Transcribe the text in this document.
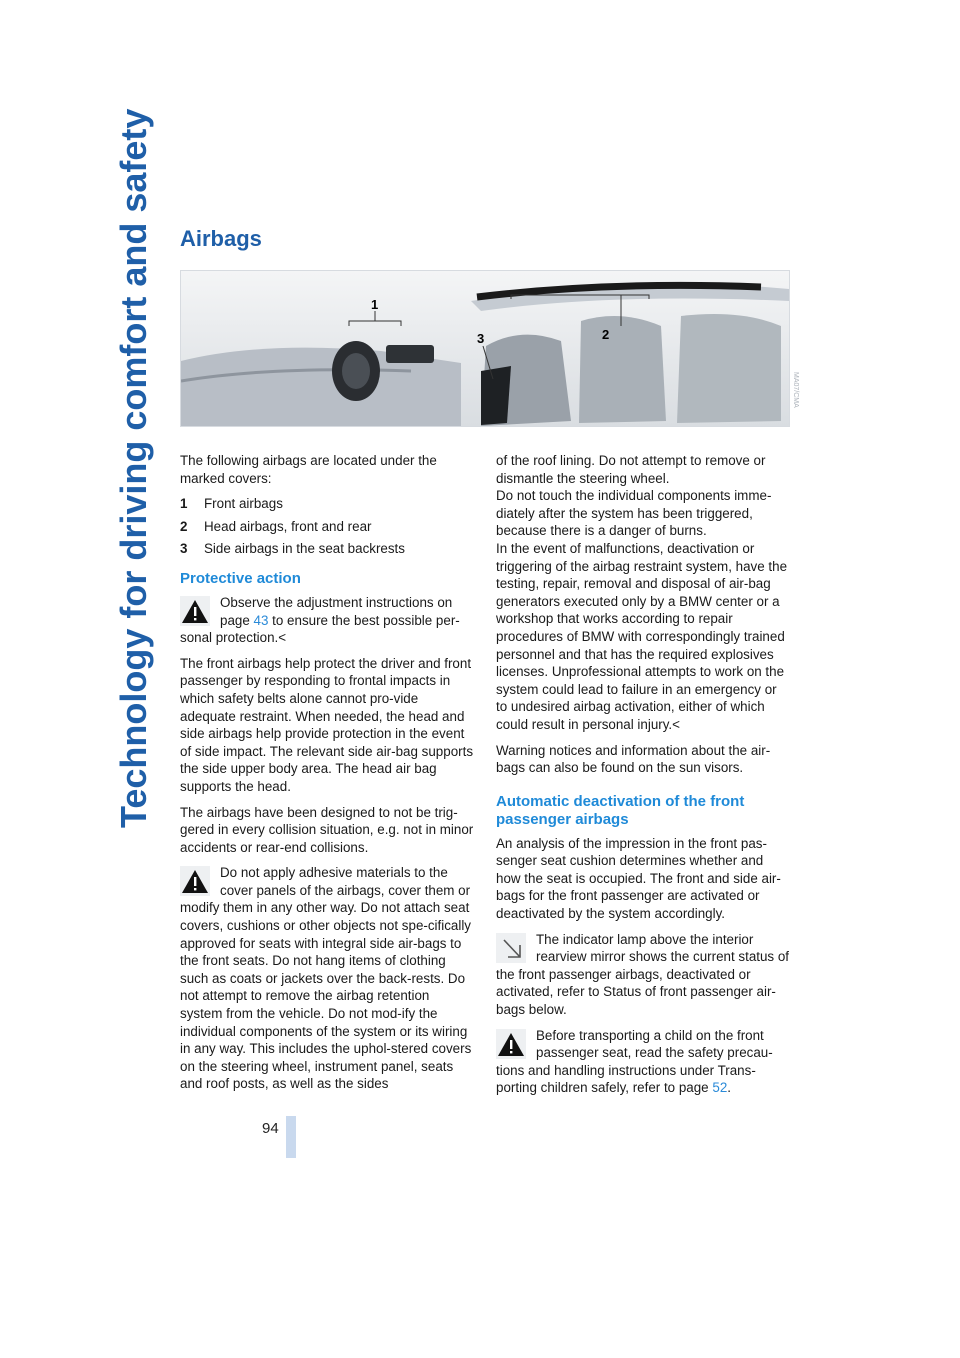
Technology for driving comfort and safety Airbags
1
2
3
MA07/CMA

The following airbags are located under the marked covers:

1	Front airbags
2	Head airbags, front and rear
3	Side airbags in the seat backrests
Protective action
Observe the adjustment instructions on
page 43 to ensure the best possible per-sonal protection.<

The front airbags help protect the driver and front passenger by responding to frontal impacts in which safety belts alone cannot pro-vide adequate restraint. When needed, the head and side airbags help provide protection in the event of side impact. The relevant side air-bag supports the side upper body area. The head air bag supports the head.

The airbags have been designed to not be trig-gered in every collision situation, e.g. not in minor accidents or rear-end collisions.

Do not apply adhesive materials to the
cover panels of the airbags, cover them or modify them in any other way. Do not attach seat covers, cushions or other objects not spe-cifically approved for seats with integral side air-bags to the front seats. Do not hang items of clothing such as coats or jackets over the back-rests. Do not attempt to remove the airbag retention system from the vehicle. Do not mod-ify the individual components of the system or its wiring in any way. This includes the uphol-stered covers on the steering wheel, instrument panel, seats and roof posts, as well as the sides

of the roof lining. Do not attempt to remove or dismantle the steering wheel.

Do not touch the individual components imme-diately after the system has been triggered, because there is a danger of burns.

In the event of malfunctions, deactivation or triggering of the airbag restraint system, have the testing, repair, removal and disposal of air-bag generators executed only by a BMW center or a workshop that works according to repair procedures of BMW with correspondingly trained personnel and that has the required explosives licenses. Unprofessional attempts to work on the system could lead to failure in an emergency or to undesired airbag activation, either of which could result in personal injury.<

Warning notices and information about the air-bags can also be found on the sun visors.

Automatic deactivation of the front passenger airbags

An analysis of the impression in the front pas-senger seat cushion determines whether and how the seat is occupied. The front and side air-bags for the front passenger are activated or deactivated by the system accordingly.

The indicator lamp above the interior
rearview mirror shows the current status of the front passenger airbags, deactivated or activated, refer to Status of front passenger air-bags below.
Before transporting a child on the front
passenger seat, read the safety precau-tions and handling instructions under Trans-porting children safely, refer to page 52.
94
